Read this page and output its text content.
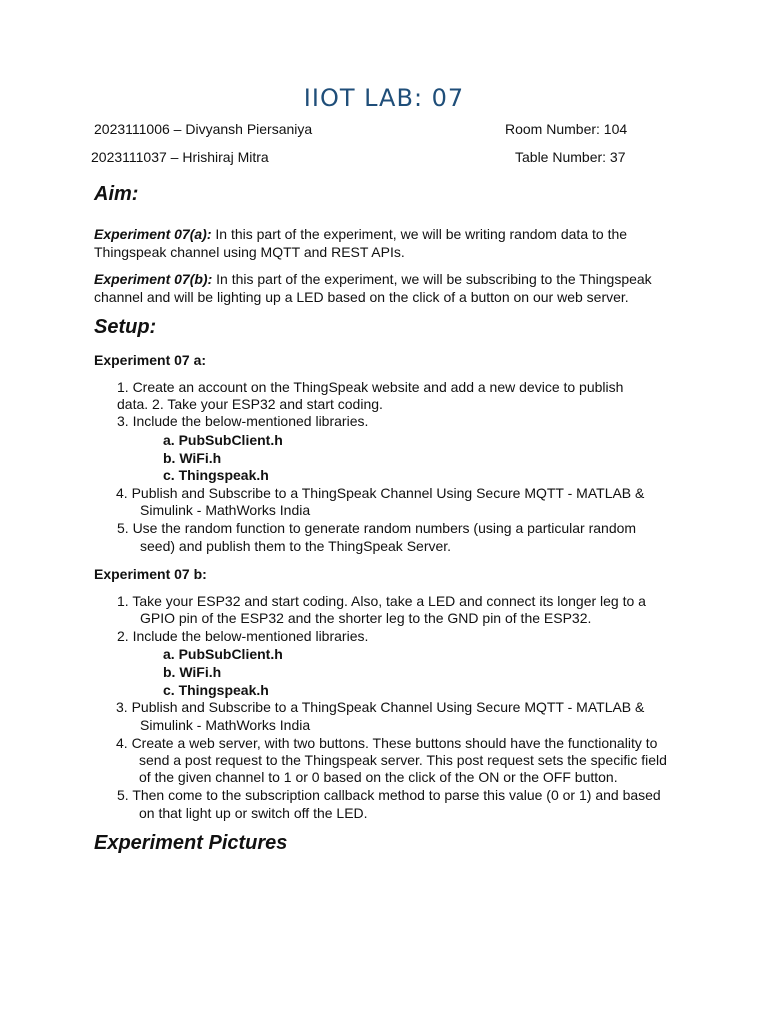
IIOT LAB: 07
2023111006 – Divyansh Piersaniya	Room Number: 104
2023111037 – Hrishiraj Mitra	Table Number: 37
Aim:
Experiment 07(a): In this part of the experiment, we will be writing random data to the Thingspeak channel using MQTT and REST APIs.
Experiment 07(b): In this part of the experiment, we will be subscribing to the Thingspeak channel and will be lighting up a LED based on the click of a button on our web server.
Setup:
Experiment 07 a:
1. Create an account on the ThingSpeak website and add a new device to publish
data. 2. Take your ESP32 and start coding.
3. Include the below-mentioned libraries.
a. PubSubClient.h
b. WiFi.h
c. Thingspeak.h
4. Publish and Subscribe to a ThingSpeak Channel Using Secure MQTT - MATLAB &
Simulink - MathWorks India
5. Use the random function to generate random numbers (using a particular random
seed) and publish them to the ThingSpeak Server.
Experiment 07 b:
1. Take your ESP32 and start coding. Also, take a LED and connect its longer leg to a
GPIO pin of the ESP32 and the shorter leg to the GND pin of the ESP32.
2. Include the below-mentioned libraries.
a. PubSubClient.h
b. WiFi.h
c. Thingspeak.h
3. Publish and Subscribe to a ThingSpeak Channel Using Secure MQTT - MATLAB &
Simulink - MathWorks India
4. Create a web server, with two buttons. These buttons should have the functionality to
send a post request to the Thingspeak server. This post request sets the specific field
of the given channel to 1 or 0 based on the click of the ON or the OFF button.
5. Then come to the subscription callback method to parse this value (0 or 1) and based
on that light up or switch off the LED.
Experiment Pictures
